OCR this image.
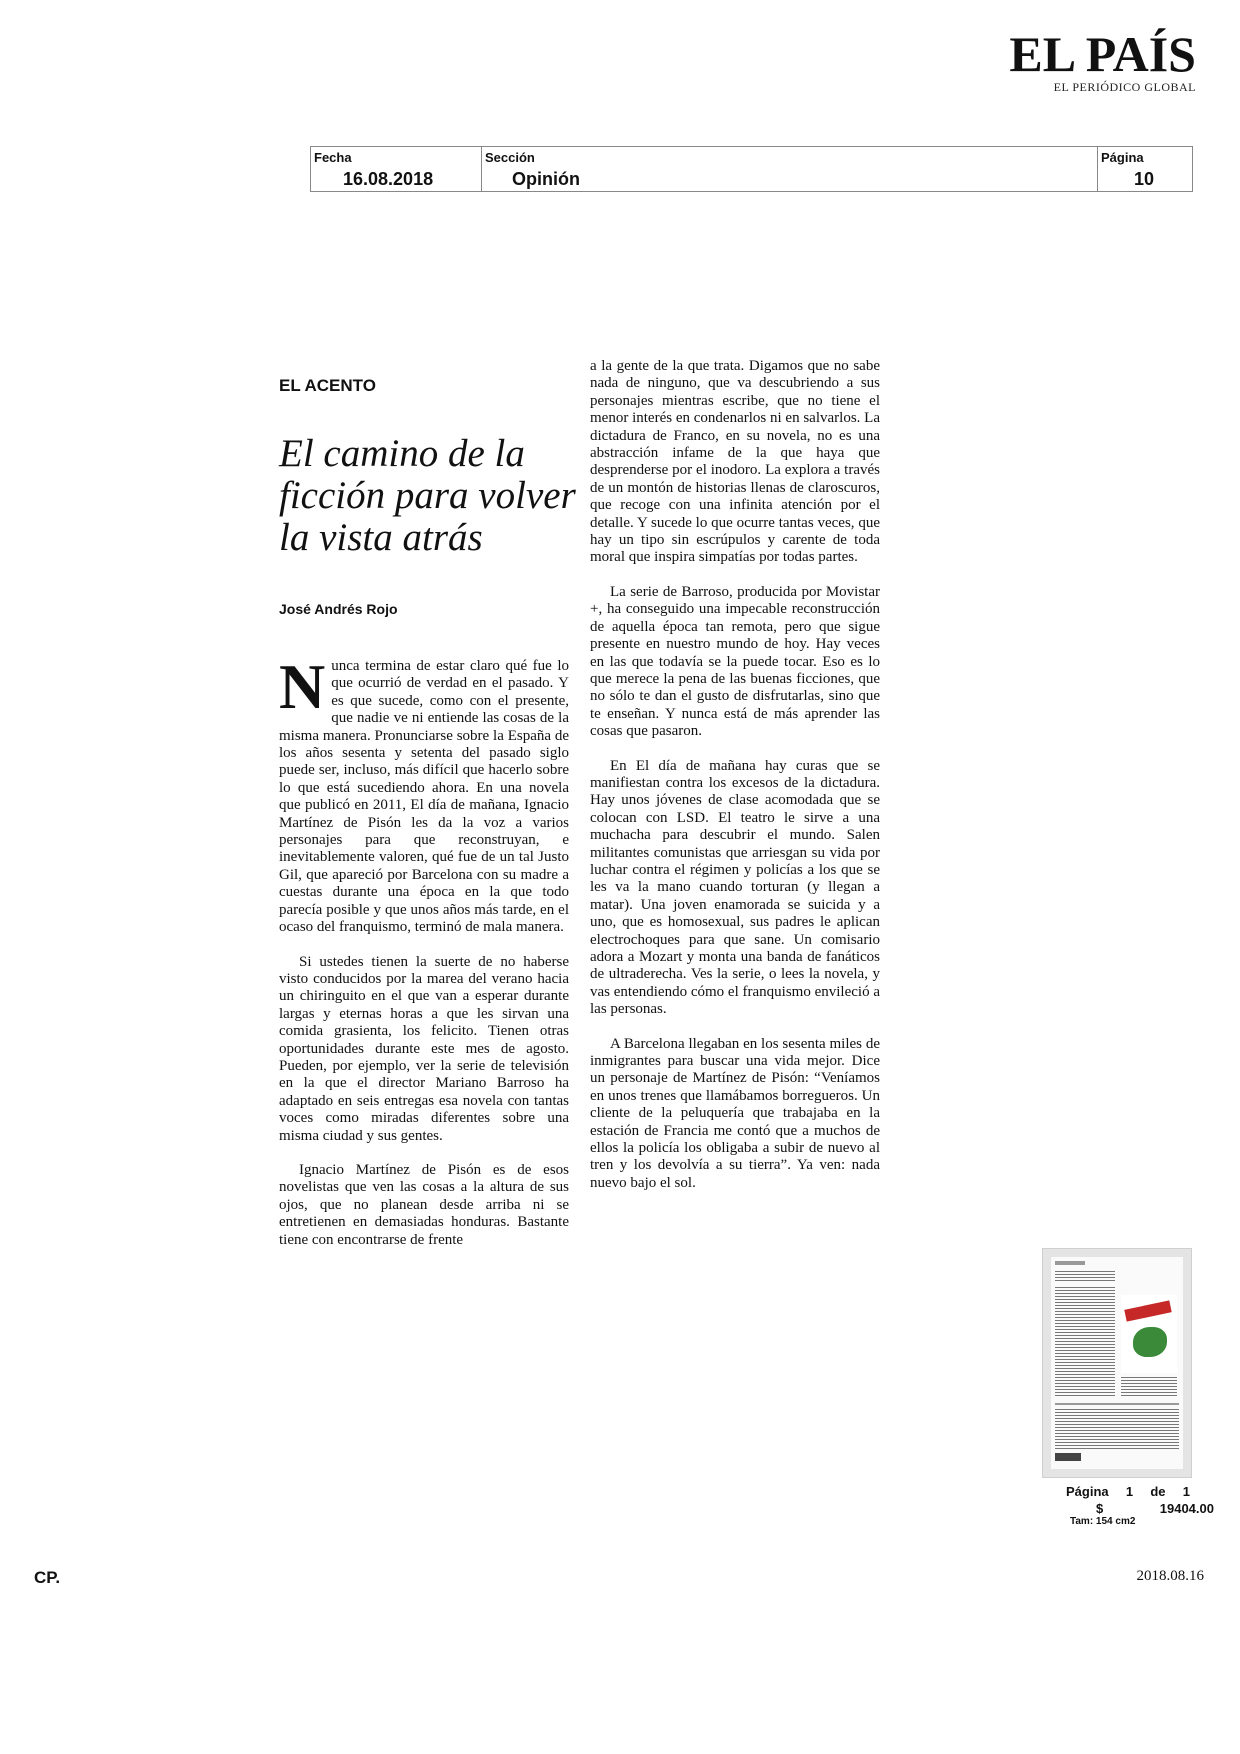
EL PAÍS
EL PERIÓDICO GLOBAL
Fecha
16.08.2018
Sección
Opinión
Página
10
EL ACENTO
El camino de la ficción para volver la vista atrás
José Andrés Rojo

Nunca termina de estar claro qué fue lo que ocurrió de verdad en el pasado. Y es que sucede, como con el presente, que nadie ve ni entiende las cosas de la misma manera. Pronunciarse sobre la España de los años sesenta y setenta del pasado siglo puede ser, incluso, más difícil que hacerlo sobre lo que está sucediendo ahora. En una novela que publicó en 2011, El día de mañana, Ignacio Martínez de Pisón les da la voz a varios personajes para que reconstruyan, e inevitablemente valoren, qué fue de un tal Justo Gil, que apareció por Barcelona con su madre a cuestas durante una época en la que todo parecía posible y que unos años más tarde, en el ocaso del franquismo, terminó de mala manera.

Si ustedes tienen la suerte de no haberse visto conducidos por la marea del verano hacia un chiringuito en el que van a esperar durante largas y eternas horas a que les sirvan una comida grasienta, los felicito. Tienen otras oportunidades durante este mes de agosto. Pueden, por ejemplo, ver la serie de televisión en la que el director Mariano Barroso ha adaptado en seis entregas esa novela con tantas voces como miradas diferentes sobre una misma ciudad y sus gentes.

Ignacio Martínez de Pisón es de esos novelistas que ven las cosas a la altura de sus ojos, que no planean desde arriba ni se entretienen en demasiadas honduras. Bastante tiene con encontrarse de frente

a la gente de la que trata. Digamos que no sabe nada de ninguno, que va descubriendo a sus personajes mientras escribe, que no tiene el menor interés en condenarlos ni en salvarlos. La dictadura de Franco, en su novela, no es una abstracción infame de la que haya que desprenderse por el inodoro. La explora a través de un montón de historias llenas de claroscuros, que recoge con una infinita atención por el detalle. Y sucede lo que ocurre tantas veces, que hay un tipo sin escrúpulos y carente de toda moral que inspira simpatías por todas partes.

La serie de Barroso, producida por Movistar +, ha conseguido una impecable reconstrucción de aquella época tan remota, pero que sigue presente en nuestro mundo de hoy. Hay veces en las que todavía se la puede tocar. Eso es lo que merece la pena de las buenas ficciones, que no sólo te dan el gusto de disfrutarlas, sino que te enseñan. Y nunca está de más aprender las cosas que pasaron.

En El día de mañana hay curas que se manifiestan contra los excesos de la dictadura. Hay unos jóvenes de clase acomodada que se colocan con LSD. El teatro le sirve a una muchacha para descubrir el mundo. Salen militantes comunistas que arriesgan su vida por luchar contra el régimen y policías a los que se les va la mano cuando torturan (y llegan a matar). Una joven enamorada se suicida y a uno, que es homosexual, sus padres le aplican electrochoques para que sane. Un comisario adora a Mozart y monta una banda de fanáticos de ultraderecha. Ves la serie, o lees la novela, y vas entendiendo cómo el franquismo envileció a las personas.

A Barcelona llegaban en los sesenta miles de inmigrantes para buscar una vida mejor. Dice un personaje de Martínez de Pisón: “Veníamos en unos trenes que llamábamos borregueros. Un cliente de la peluquería que trabajaba en la estación de Francia me contó que a muchos de ellos la policía los obligaba a subir de nuevo al tren y los devolvía a su tierra”. Ya ven: nada nuevo bajo el sol.

Página 1 de 1
$	19404.00
Tam: 154 cm2
CP.	2018.08.16
